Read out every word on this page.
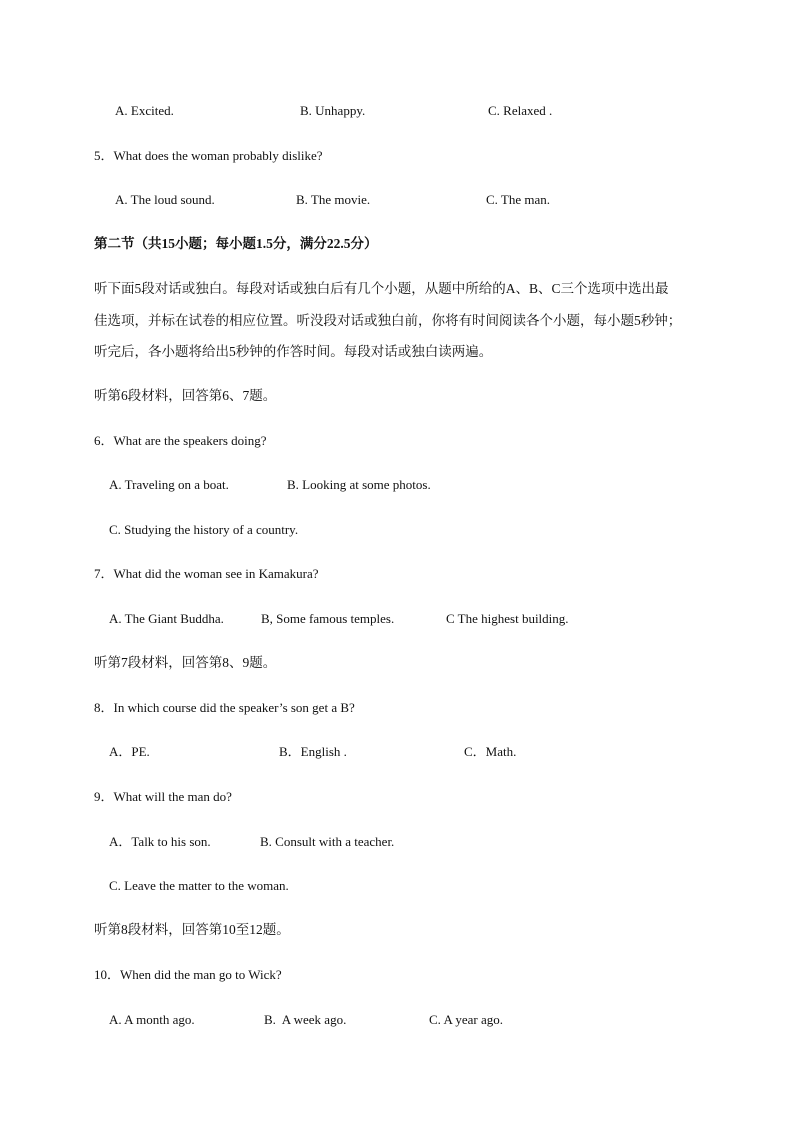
A. Excited.	B. Unhappy.	C. Relaxed .
5．What does the woman probably dislike?
A. The loud sound.	B. The movie.	C. The man.
第二节（共15小题；每小题1.5分，满分22.5分）
听下面5段对话或独白。每段对话或独白后有几个小题，从题中所给的A、B、C三个选项中选出最
佳选项，并标在试卷的相应位置。听没段对话或独白前，你将有时间阅读各个小题，每小题5秒钟；
听完后，各小题将给出5秒钟的作答时间。每段对话或独白读两遍。
听第6段材料，回答第6、7题。
6．What are the speakers doing?
A. Traveling on a boat.	B. Looking at some photos.
C. Studying the history of a country.
7．What did the woman see in Kamakura?
A. The Giant Buddha.	B, Some famous temples.	C The highest building.
听第7段材料，回答第8、9题。
8．In which course did the speaker’s son get a B?
A．PE.	B．English .	C．Math.
9．What will the man do?
A．Talk to his son.	B. Consult with a teacher.
C. Leave the matter to the woman.
听第8段材料，回答第10至12题。
10．When did the man go to Wick?
A. A month ago.	B.  A week ago.	C. A year ago.
